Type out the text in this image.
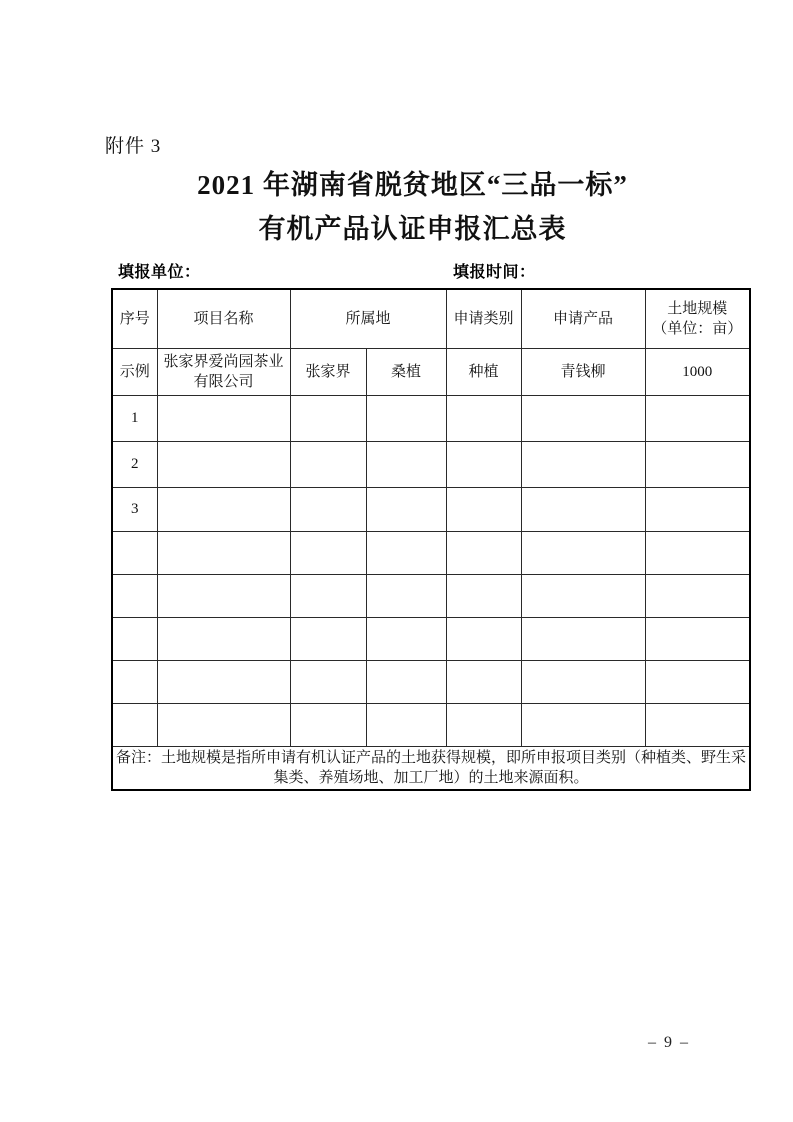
附件 3
2021 年湖南省脱贫地区“三品一标”
有机产品认证申报汇总表
填报单位：	填报时间：
序号	项目名称	所属地		申请类别	申请产品	土地规模
（单位：亩）

示例	张家界爱尚园茶业有限公司	张家界	桑植	种植	青钱柳	1000
1						
2						
3						

备注：土地规模是指所申请有机认证产品的土地获得规模，即所申报项目类别（种植类、野生采集类、养殖场地、加工厂地）的土地来源面积。						
– 9 –
